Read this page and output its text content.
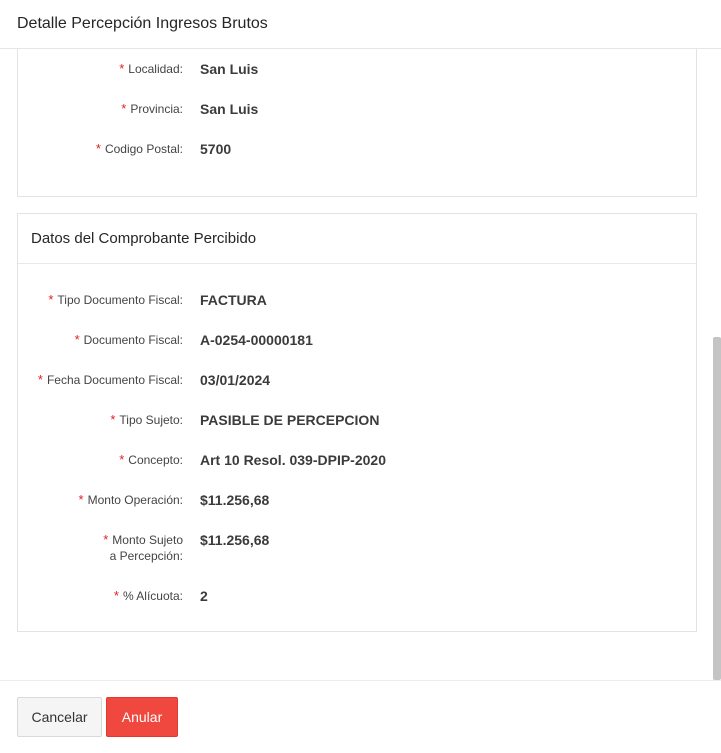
Detalle Percepción Ingresos Brutos
* Localidad: San Luis
* Provincia: San Luis
* Codigo Postal: 5700
Datos del Comprobante Percibido
* Tipo Documento Fiscal: FACTURA
* Documento Fiscal: A-0254-00000181
* Fecha Documento Fiscal: 03/01/2024
* Tipo Sujeto: PASIBLE DE PERCEPCION
* Concepto: Art 10 Resol. 039-DPIP-2020
* Monto Operación: $11.256,68
* Monto Sujeto
a Percepción:
$11.256,68
* % Alícuota: 2
Cancelar	Anular
